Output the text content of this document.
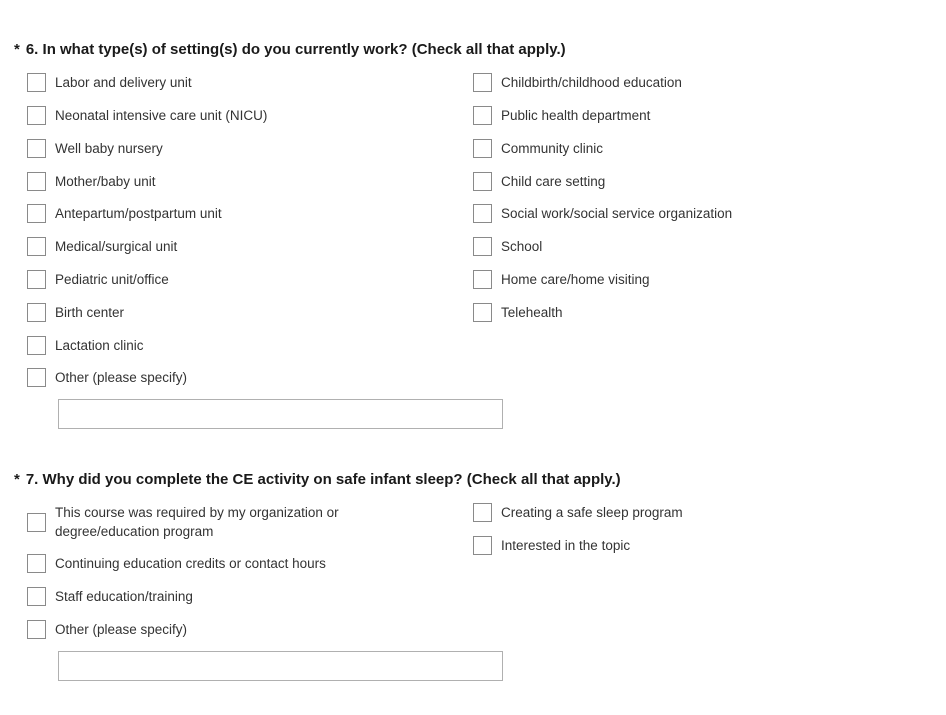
* 6. In what type(s) of setting(s) do you currently work? (Check all that apply.)
Labor and delivery unit
Neonatal intensive care unit (NICU)
Well baby nursery
Mother/baby unit
Antepartum/postpartum unit
Medical/surgical unit
Pediatric unit/office
Birth center
Lactation clinic
Other (please specify)
Childbirth/childhood education
Public health department
Community clinic
Child care setting
Social work/social service organization
School
Home care/home visiting
Telehealth
* 7. Why did you complete the CE activity on safe infant sleep? (Check all that apply.)
This course was required by my organization or degree/education program
Continuing education credits or contact hours
Staff education/training
Other (please specify)
Creating a safe sleep program
Interested in the topic
